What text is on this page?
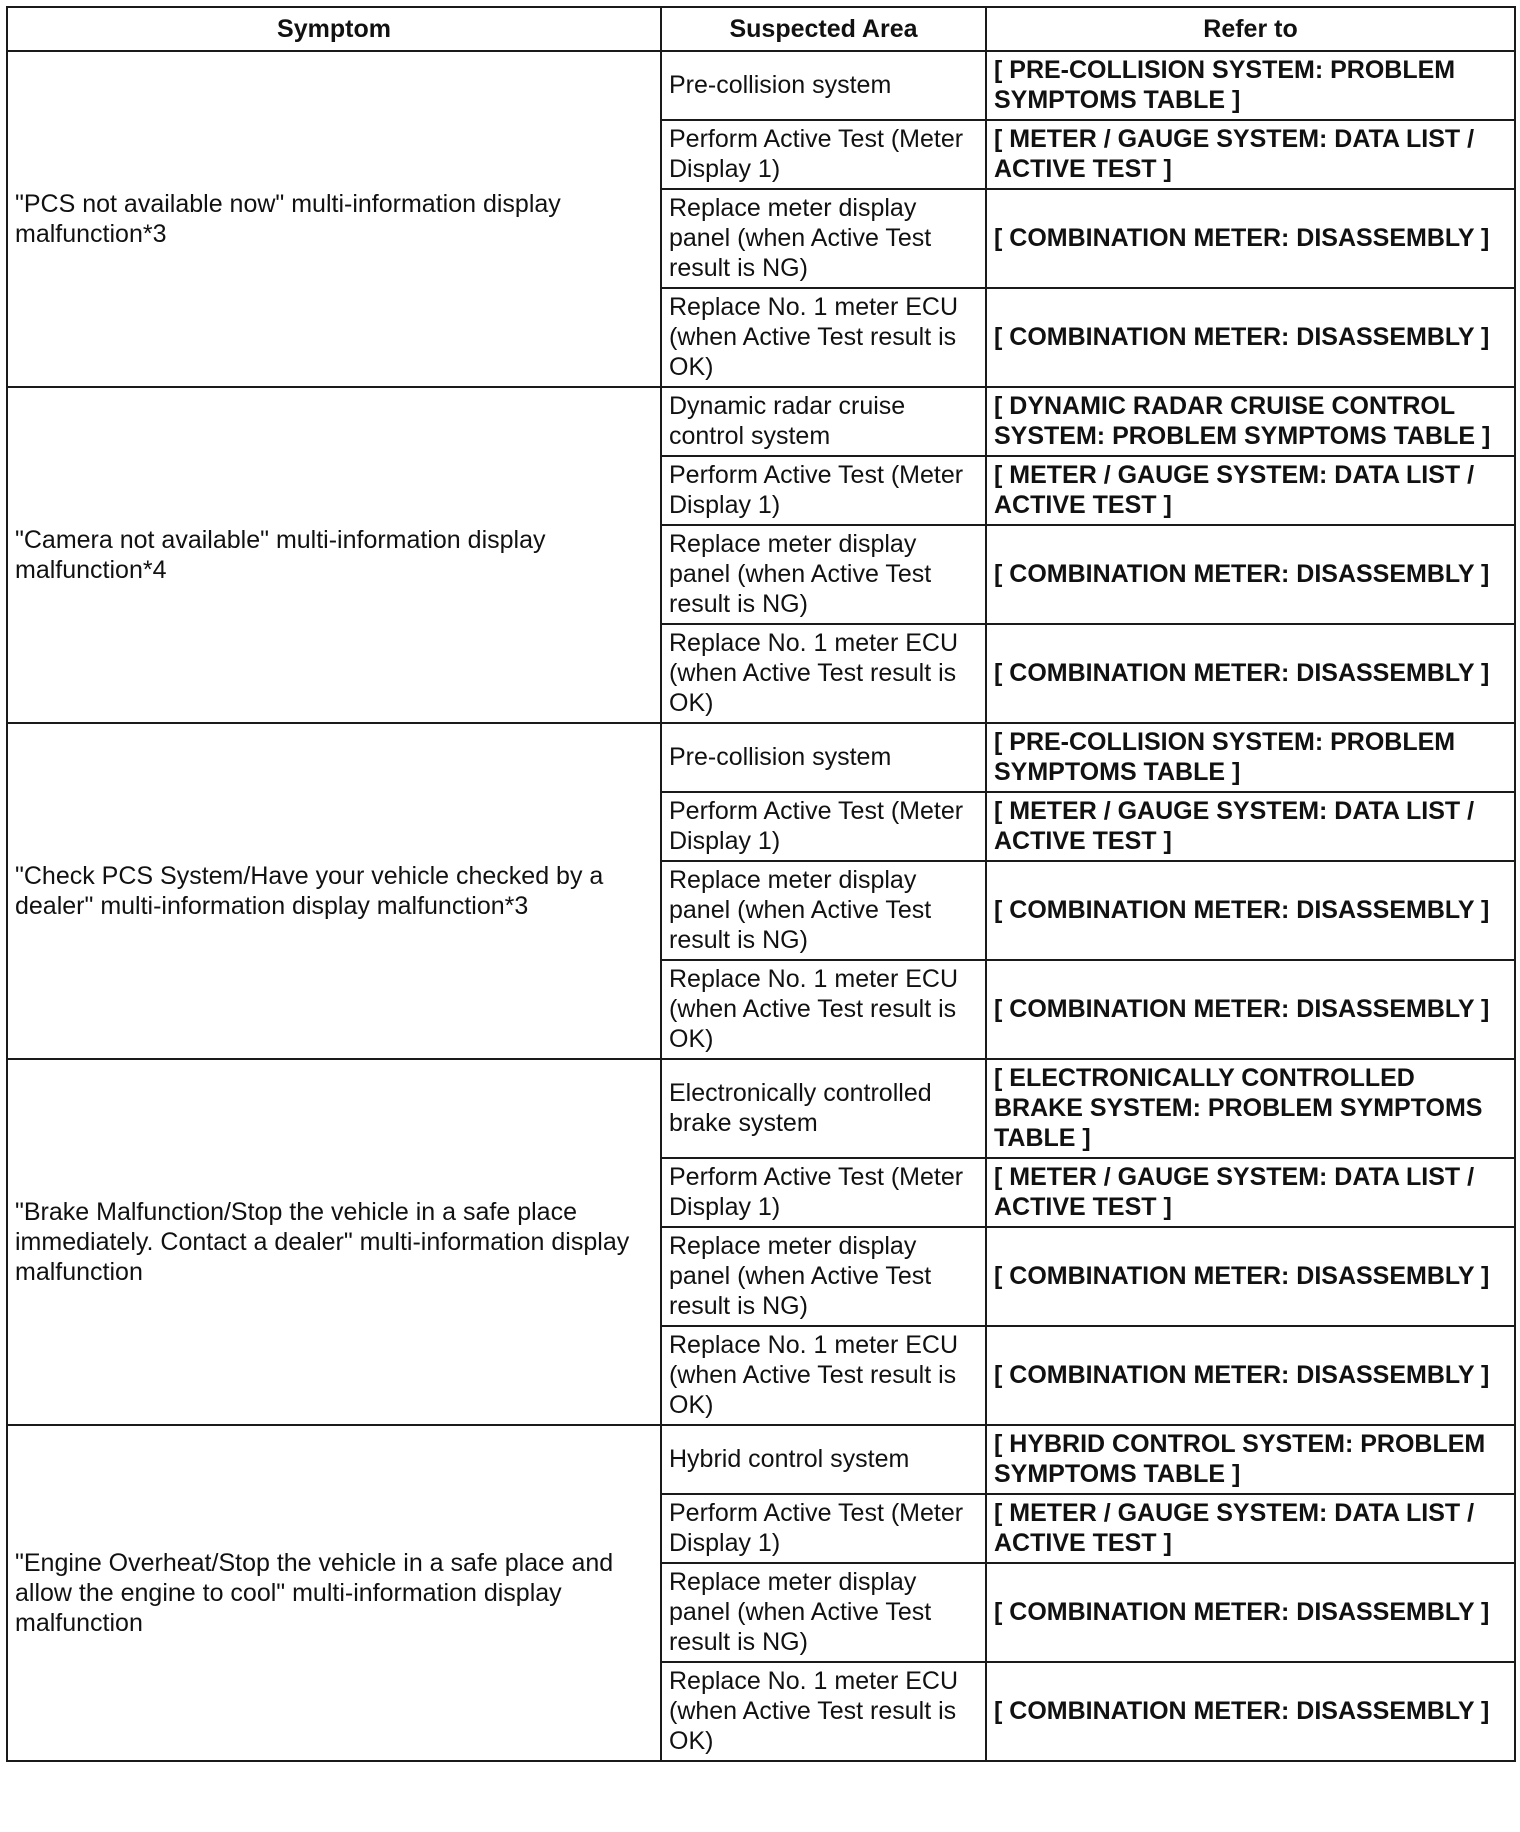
Symptom	Suspected Area	Refer to
"PCS not available now" multi-information display malfunction*3	Pre-collision system	[ PRE-COLLISION SYSTEM: PROBLEM SYMPTOMS TABLE ]
	Perform Active Test (Meter Display 1)	[ METER / GAUGE SYSTEM: DATA LIST / ACTIVE TEST ]
	Replace meter display panel (when Active Test result is NG)	[ COMBINATION METER: DISASSEMBLY ]
	Replace No. 1 meter ECU (when Active Test result is OK)	[ COMBINATION METER: DISASSEMBLY ]
"Camera not available" multi-information display malfunction*4	Dynamic radar cruise control system	[ DYNAMIC RADAR CRUISE CONTROL SYSTEM: PROBLEM SYMPTOMS TABLE ]
	Perform Active Test (Meter Display 1)	[ METER / GAUGE SYSTEM: DATA LIST / ACTIVE TEST ]
	Replace meter display panel (when Active Test result is NG)	[ COMBINATION METER: DISASSEMBLY ]
	Replace No. 1 meter ECU (when Active Test result is OK)	[ COMBINATION METER: DISASSEMBLY ]
"Check PCS System/Have your vehicle checked by a dealer" multi-information display malfunction*3	Pre-collision system	[ PRE-COLLISION SYSTEM: PROBLEM SYMPTOMS TABLE ]
	Perform Active Test (Meter Display 1)	[ METER / GAUGE SYSTEM: DATA LIST / ACTIVE TEST ]
	Replace meter display panel (when Active Test result is NG)	[ COMBINATION METER: DISASSEMBLY ]
	Replace No. 1 meter ECU (when Active Test result is OK)	[ COMBINATION METER: DISASSEMBLY ]
"Brake Malfunction/Stop the vehicle in a safe place immediately. Contact a dealer" multi-information display malfunction	Electronically controlled brake system	[ ELECTRONICALLY CONTROLLED BRAKE SYSTEM: PROBLEM SYMPTOMS TABLE ]
	Perform Active Test (Meter Display 1)	[ METER / GAUGE SYSTEM: DATA LIST / ACTIVE TEST ]
	Replace meter display panel (when Active Test result is NG)	[ COMBINATION METER: DISASSEMBLY ]
	Replace No. 1 meter ECU (when Active Test result is OK)	[ COMBINATION METER: DISASSEMBLY ]
"Engine Overheat/Stop the vehicle in a safe place and allow the engine to cool" multi-information display malfunction	Hybrid control system	[ HYBRID CONTROL SYSTEM: PROBLEM SYMPTOMS TABLE ]
	Perform Active Test (Meter Display 1)	[ METER / GAUGE SYSTEM: DATA LIST / ACTIVE TEST ]
	Replace meter display panel (when Active Test result is NG)	[ COMBINATION METER: DISASSEMBLY ]
	Replace No. 1 meter ECU (when Active Test result is OK)	[ COMBINATION METER: DISASSEMBLY ]
